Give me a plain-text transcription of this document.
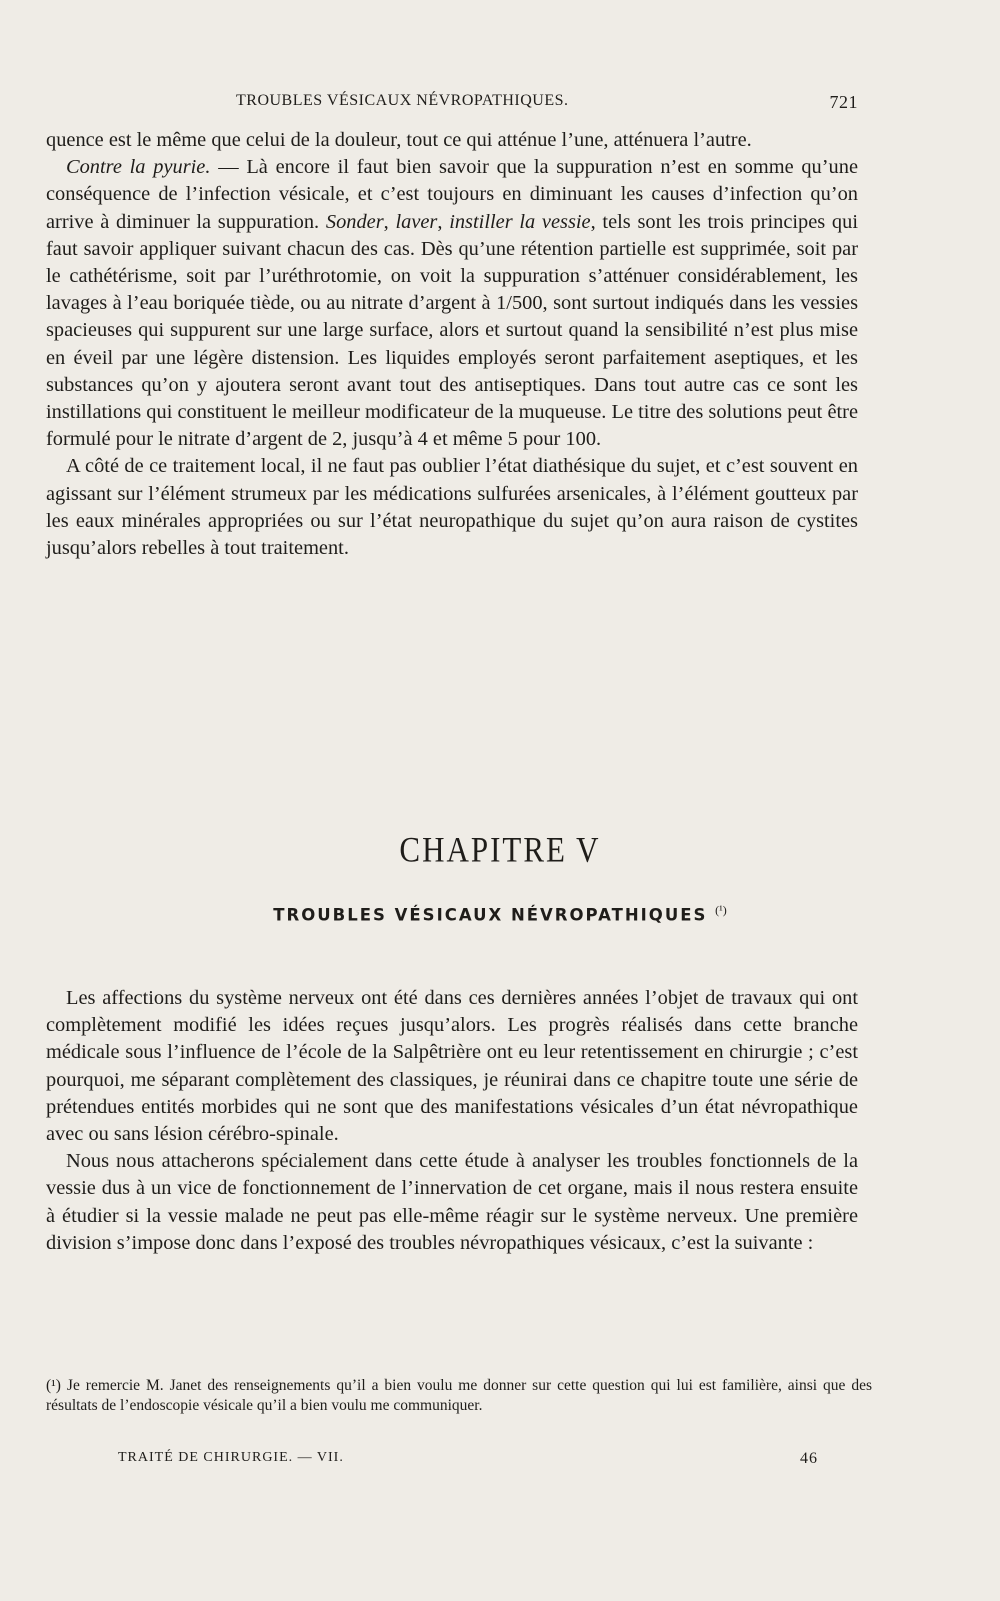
TROUBLES VÉSICAUX NÉVROPATHIQUES.	721

quence est le même que celui de la douleur, tout ce qui atténue l’une, atténuera l’autre.

Contre la pyurie. — Là encore il faut bien savoir que la suppuration n’est en somme qu’une conséquence de l’infection vésicale, et c’est toujours en diminuant les causes d’infection qu’on arrive à diminuer la suppuration. Sonder, laver, instiller la vessie, tels sont les trois principes qui faut savoir appliquer suivant chacun des cas. Dès qu’une rétention partielle est supprimée, soit par le cathétérisme, soit par l’uréthrotomie, on voit la suppuration s’atténuer considérablement, les lavages à l’eau boriquée tiède, ou au nitrate d’argent à 1/500, sont surtout indiqués dans les vessies spacieuses qui suppurent sur une large surface, alors et surtout quand la sensibilité n’est plus mise en éveil par une légère distension. Les liquides employés seront parfaitement aseptiques, et les substances qu’on y ajoutera seront avant tout des antiseptiques. Dans tout autre cas ce sont les instillations qui constituent le meilleur modificateur de la muqueuse. Le titre des solutions peut être formulé pour le nitrate d’argent de 2, jusqu’à 4 et même 5 pour 100.

A côté de ce traitement local, il ne faut pas oublier l’état diathésique du sujet, et c’est souvent en agissant sur l’élément strumeux par les médications sulfurées arsenicales, à l’élément goutteux par les eaux minérales appropriées ou sur l’état neuropathique du sujet qu’on aura raison de cystites jusqu’alors rebelles à tout traitement.

CHAPITRE V
TROUBLES VÉSICAUX NÉVROPATHIQUES $^{(^1)}$

Les affections du système nerveux ont été dans ces dernières années l’objet de travaux qui ont complètement modifié les idées reçues jusqu’alors. Les progrès réalisés dans cette branche médicale sous l’influence de l’école de la Salpêtrière ont eu leur retentissement en chirurgie ; c’est pourquoi, me séparant complètement des classiques, je réunirai dans ce chapitre toute une série de prétendues entités morbides qui ne sont que des manifestations vésicales d’un état névropathique avec ou sans lésion cérébro-spinale.

Nous nous attacherons spécialement dans cette étude à analyser les troubles fonctionnels de la vessie dus à un vice de fonctionnement de l’innervation de cet organe, mais il nous restera ensuite à étudier si la vessie malade ne peut pas elle-même réagir sur le système nerveux. Une première division s’impose donc dans l’exposé des troubles névropathiques vésicaux, c’est la suivante :

(¹) Je remercie M. Janet des renseignements qu’il a bien voulu me donner sur cette question qui lui est familière, ainsi que des résultats de l’endoscopie vésicale qu’il a bien voulu me communiquer.
TRAITÉ DE CHIRURGIE. — VII.	46
